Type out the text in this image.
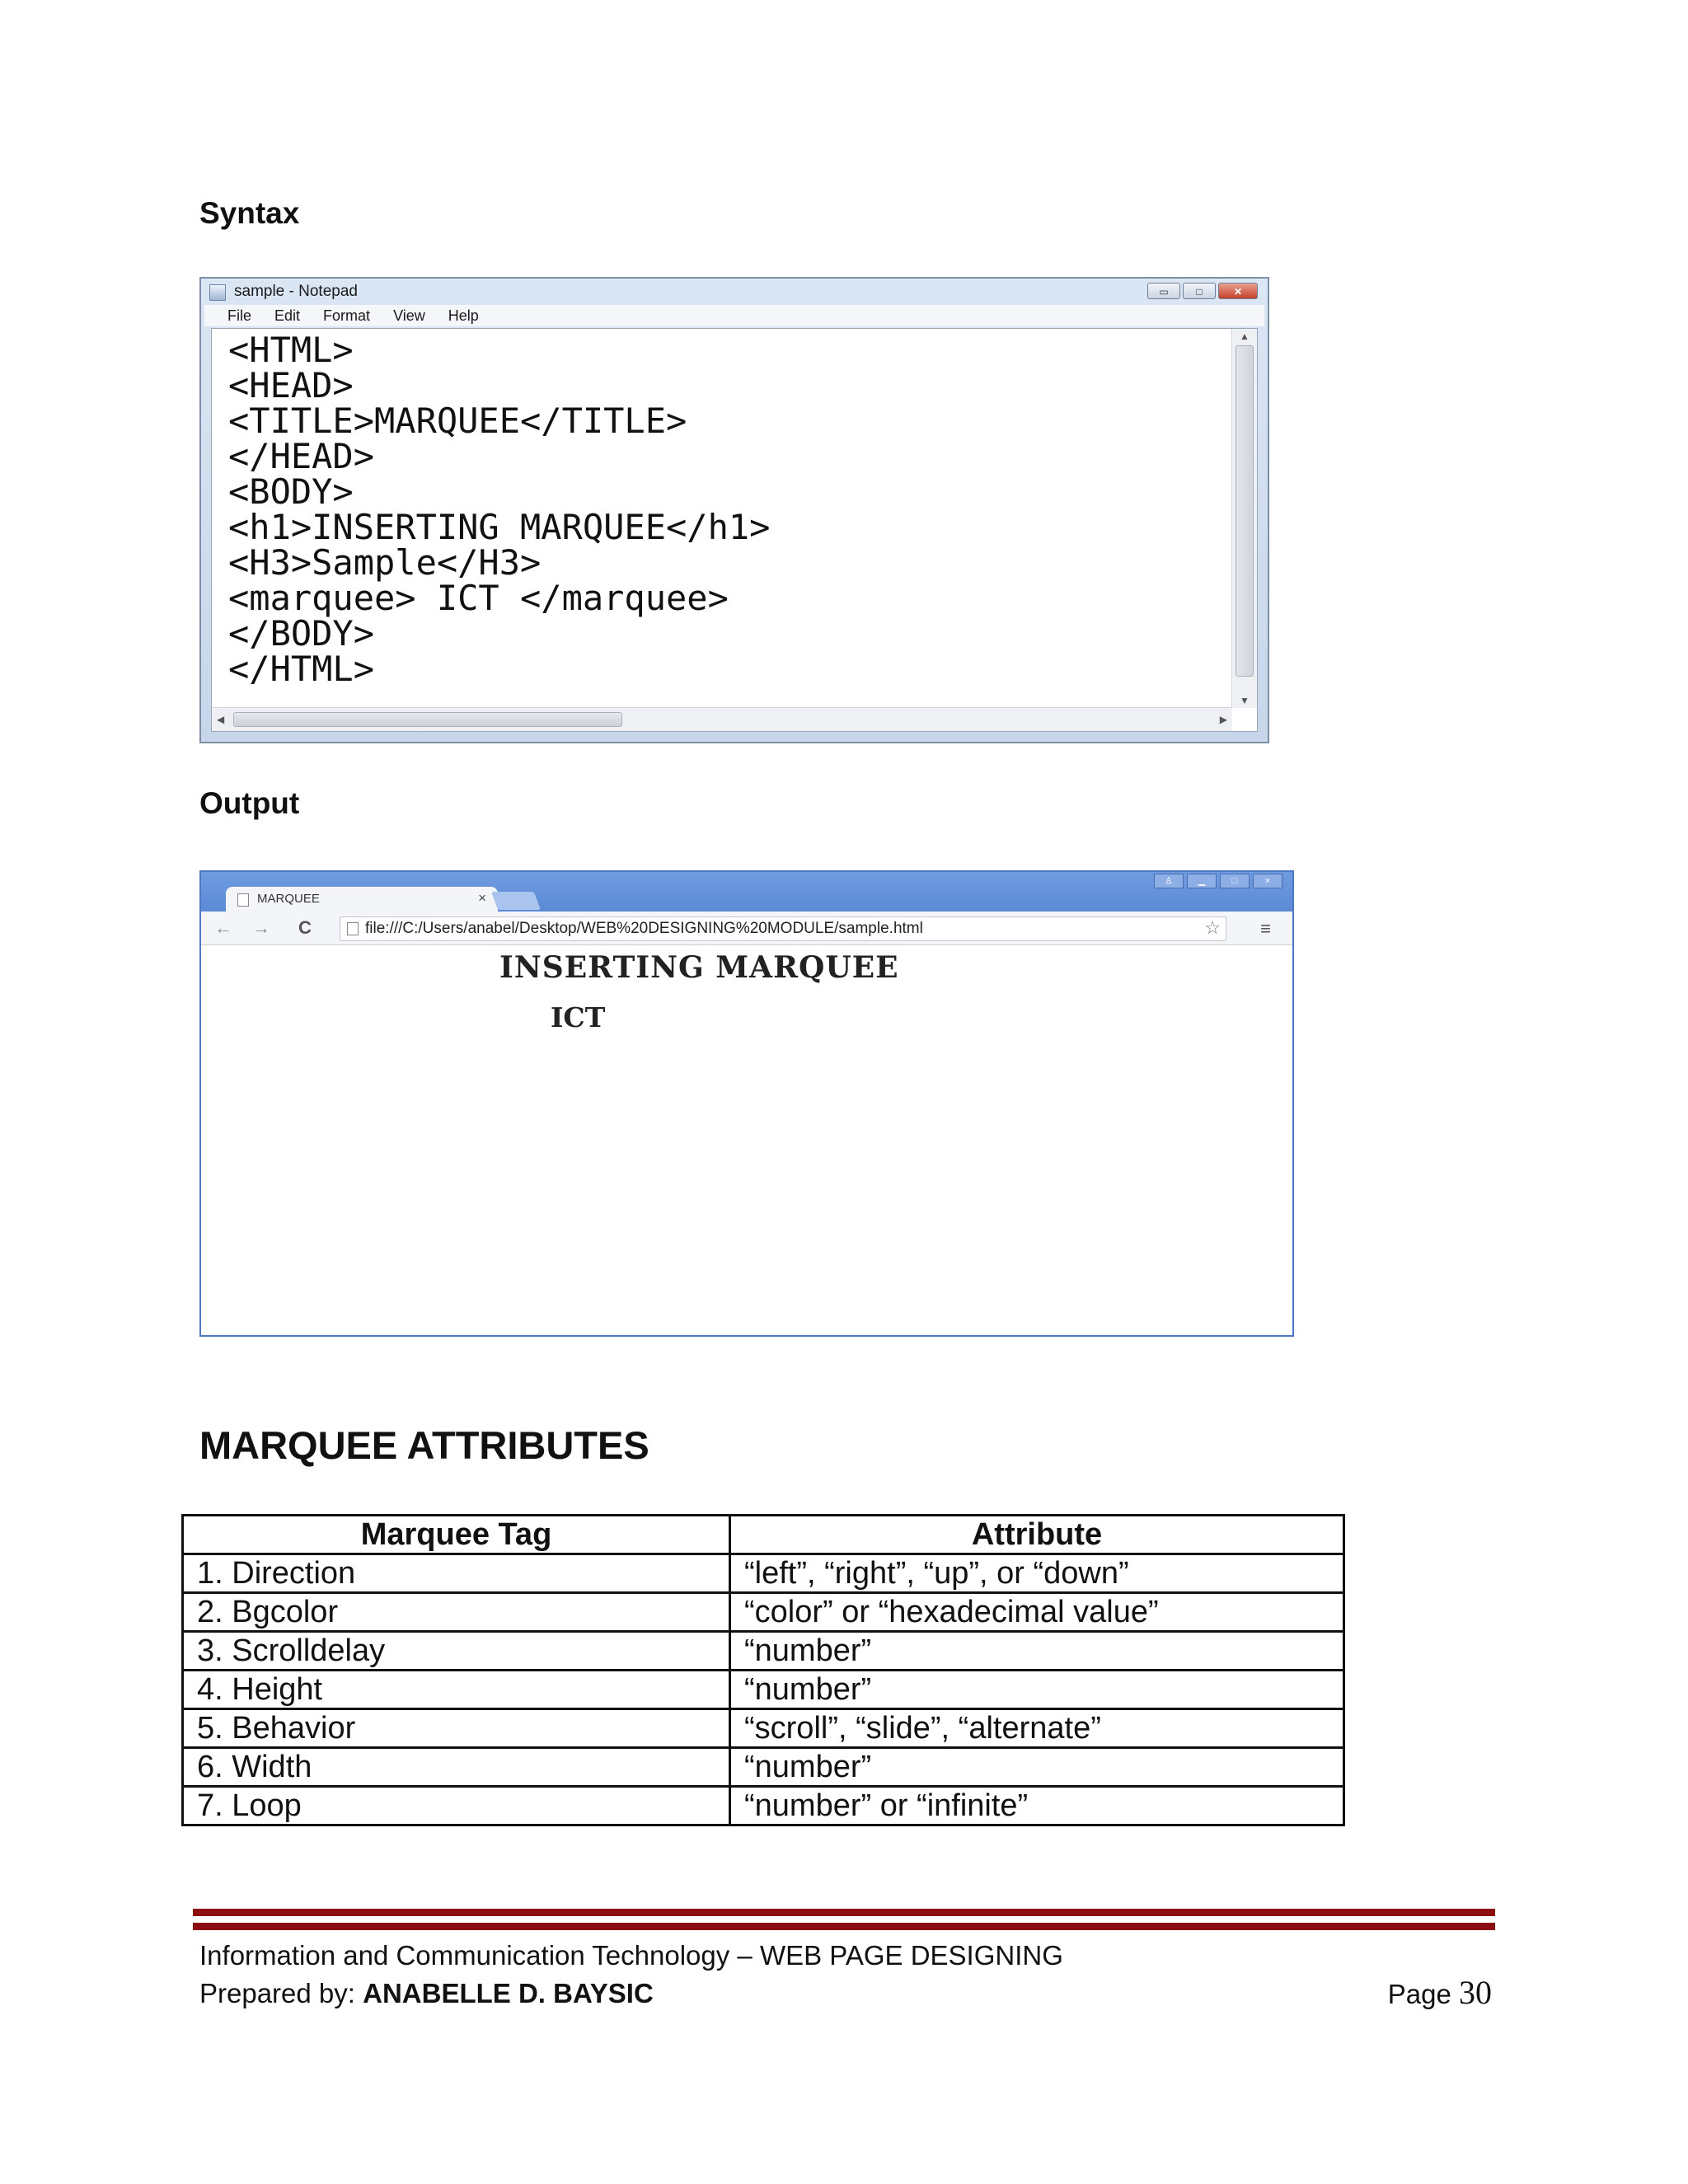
Syntax
sample - Notepad	▭	□	✕
File Edit Format View Help
<HTML>
<HEAD>
<TITLE>MARQUEE</TITLE>
</HEAD>
<BODY>
<h1>INSERTING MARQUEE</h1>
<H3>Sample</H3>
<marquee> ICT </marquee>
</BODY>
</HTML>
▲
▼
◀	▶
Output
MARQUEE	×
♙	▁	□	×
← → C	file:///C:/Users/anabel/Desktop/WEB%20DESIGNING%20MODULE/sample.html	☆ ≡
INSERTING MARQUEE
ICT
MARQUEE ATTRIBUTES
Marquee Tag	Attribute
1. Direction	“left”, “right”, “up”, or “down”
2. Bgcolor	“color” or “hexadecimal value”
3. Scrolldelay	“number”
4. Height	“number”
5. Behavior	“scroll”, “slide”, “alternate”
6. Width	“number”
7. Loop	“number” or “infinite”
Information and Communication Technology – WEB PAGE DESIGNING
Prepared by: ANABELLE D. BAYSIC	Page 30
